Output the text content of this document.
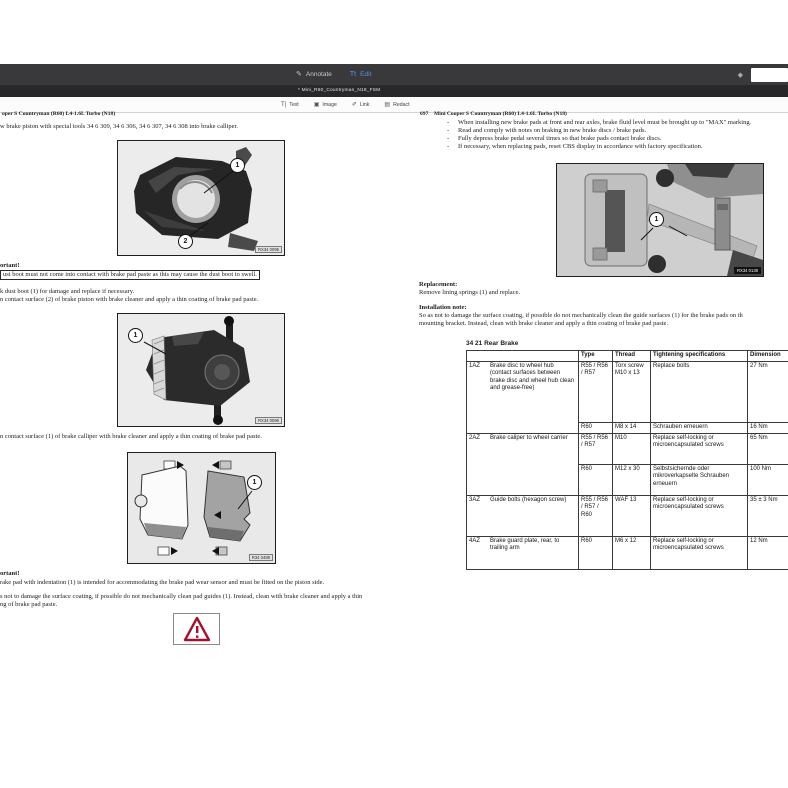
✎ Annotate	Tt Edit	◆
* Mini_R60_Countryman_N18_FSM
T| Text	▣ Image	✐ Link	▤ Redact
oper S Countryman (R60) L4-1.6L Turbo (N18)
w brake piston with special tools 34 6 309, 34 6 306, 34 6 307, 34 6 308 into brake calliper.
1
2
RX34 0095
ortant!
ust boot must not come into contact with brake pad paste as this may cause the dust boot to swell.
k dust boot (1) for damage and replace if necessary.
n contact surface (2) of brake piston with brake cleaner and apply a thin coating of brake pad paste.
1
RX34 0096
n contact surface (1) of brake calliper with brake cleaner and apply a thin coating of brake pad paste.
1
R34 0488
ortant!
rake pad with indentation (1) is intended for accommodating the brake pad wear sensor and must be fitted on the piston side.
s not to damage the surface coating, if possible do not mechanically clean pad guides (1). Instead, clean with brake cleaner and apply a thin
ng of brake pad paste.
697 Mini Cooper S Countryman (R60) L4-1.6L Turbo (N18)
-	When installing new brake pads at front and rear axles, brake fluid level must be brought up to "MAX" marking.
-	Read and comply with notes on braking in new brake discs / brake pads.
-	Fully depress brake pedal several times so that brake pads contact brake discs.
-	If necessary, when replacing pads, reset CBS display in accordance with factory specification.
1
RX34 0138
Replacement:
Remove lining springs (1) and replace.
Installation note:
So as not to damage the surface coating, if possible do not mechanically clean the guide surfaces (1) for the brake pads on th
mounting bracket. Instead, clean with brake cleaner and apply a thin coating of brake pad paste.
34 21 Rear Brake
	Type	Thread	Tightening specifications	Dimension

1AZ Brake disc to wheel hub (contact surfaces between brake disc and wheel hub clean and grease-free)	R55 / R56 / R57	Torx screw M10 x 13	Replace bolts	27 Nm
	R60	M8 x 14	Schrauben erneuern	16 Nm

2AZ Brake caliper to wheel carrier	R55 / R56 / R57	M10	Replace self-locking or microencapsulated screws	65 Nm
	R60	M12 x 30	Selbstsichernde oder mikroverkapselte Schrauben erneuern	100 Nm

3AZ Guide bolts (hexagon screw)	R55 / R56 / R57 / R60	WAF 13	Replace self-locking or microencapsulated screws	35 ± 3 Nm

4AZ Brake guard plate, rear, to trailing arm	R60	M6 x 12	Replace self-locking or microencapsulated screws	12 Nm
